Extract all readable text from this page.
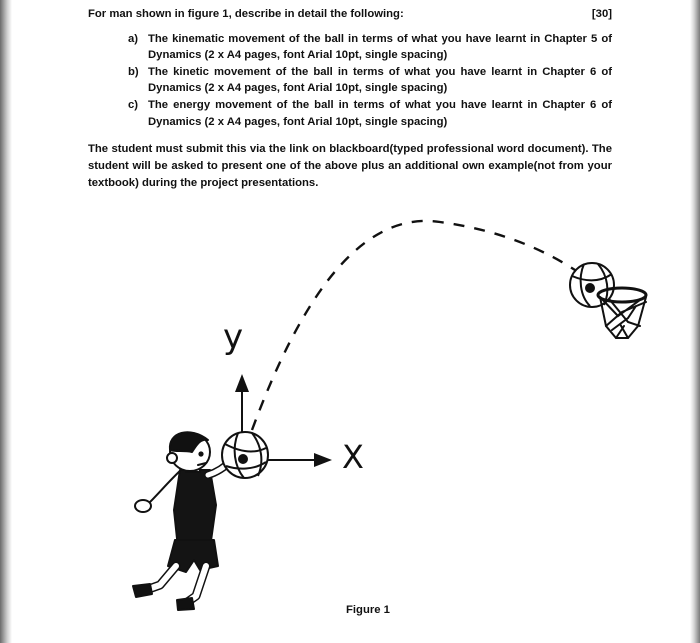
For man shown in figure 1, describe in detail the following:	[30]
a) The kinematic movement of the ball in terms of what you have learnt in Chapter 5 of Dynamics (2 x A4 pages, font Arial 10pt, single spacing)
b) The kinetic movement of the ball in terms of what you have learnt in Chapter 6 of Dynamics (2 x A4 pages, font Arial 10pt, single spacing)
c) The energy movement of the ball in terms of what you have learnt in Chapter 6 of Dynamics (2 x A4 pages, font Arial 10pt, single spacing)
The student must submit this via the link on blackboard(typed professional word document). The student will be asked to present one of the above plus an additional own example(not from your textbook) during the project presentations.
y
X
Figure 1
